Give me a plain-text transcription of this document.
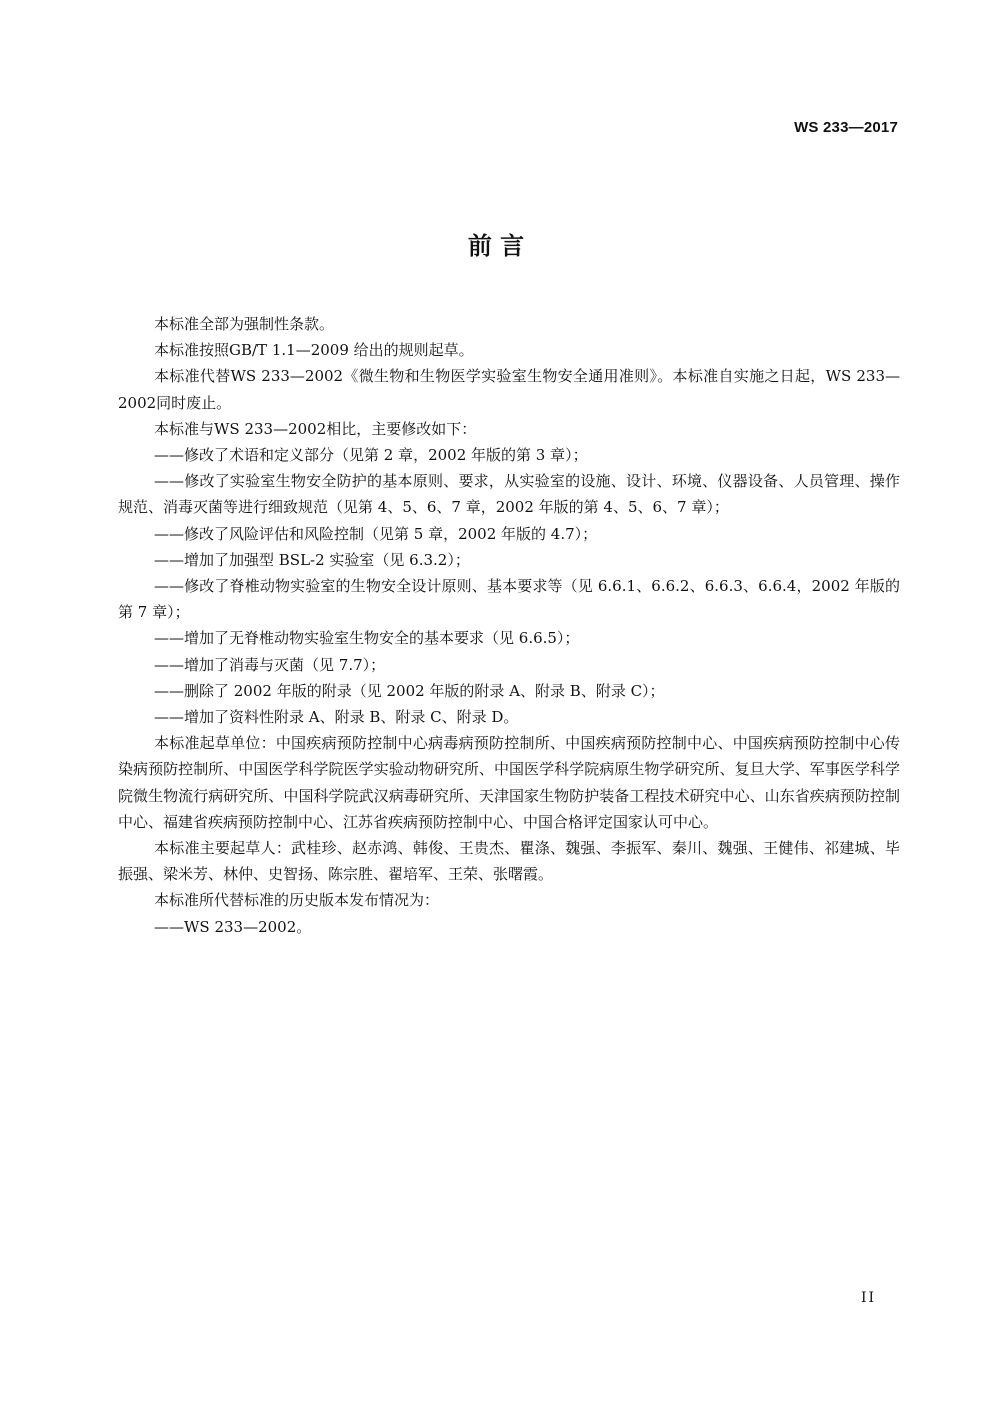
WS 233—2017
前 言

本标准全部为强制性条款。

本标准按照GB/T 1.1—2009 给出的规则起草。

本标准代替WS 233—2002《微生物和生物医学实验室生物安全通用准则》。本标准自实施之日起，WS 233—2002同时废止。

本标准与WS 233—2002相比，主要修改如下：

——修改了术语和定义部分（见第 2 章，2002 年版的第 3 章）；

——修改了实验室生物安全防护的基本原则、要求，从实验室的设施、设计、环境、仪器设备、人员管理、操作规范、消毒灭菌等进行细致规范（见第 4、5、6、7 章，2002 年版的第 4、5、6、7 章）；

——修改了风险评估和风险控制（见第 5 章，2002 年版的 4.7）；

——增加了加强型 BSL-2 实验室（见 6.3.2）；

——修改了脊椎动物实验室的生物安全设计原则、基本要求等（见 6.6.1、6.6.2、6.6.3、6.6.4，2002 年版的第 7 章）；

——增加了无脊椎动物实验室生物安全的基本要求（见 6.6.5）；

——增加了消毒与灭菌（见 7.7）；

——删除了 2002 年版的附录（见 2002 年版的附录 A、附录 B、附录 C）；

——增加了资料性附录 A、附录 B、附录 C、附录 D。

本标准起草单位：中国疾病预防控制中心病毒病预防控制所、中国疾病预防控制中心、中国疾病预防控制中心传染病预防控制所、中国医学科学院医学实验动物研究所、中国医学科学院病原生物学研究所、复旦大学、军事医学科学院微生物流行病研究所、中国科学院武汉病毒研究所、天津国家生物防护装备工程技术研究中心、山东省疾病预防控制中心、福建省疾病预防控制中心、江苏省疾病预防控制中心、中国合格评定国家认可中心。

本标准主要起草人：武桂珍、赵赤鸿、韩俊、王贵杰、瞿涤、魏强、李振军、秦川、魏强、王健伟、祁建城、毕振强、梁米芳、林仲、史智扬、陈宗胜、翟培军、王荣、张曙霞。

本标准所代替标准的历史版本发布情况为：

——WS 233—2002。

II
